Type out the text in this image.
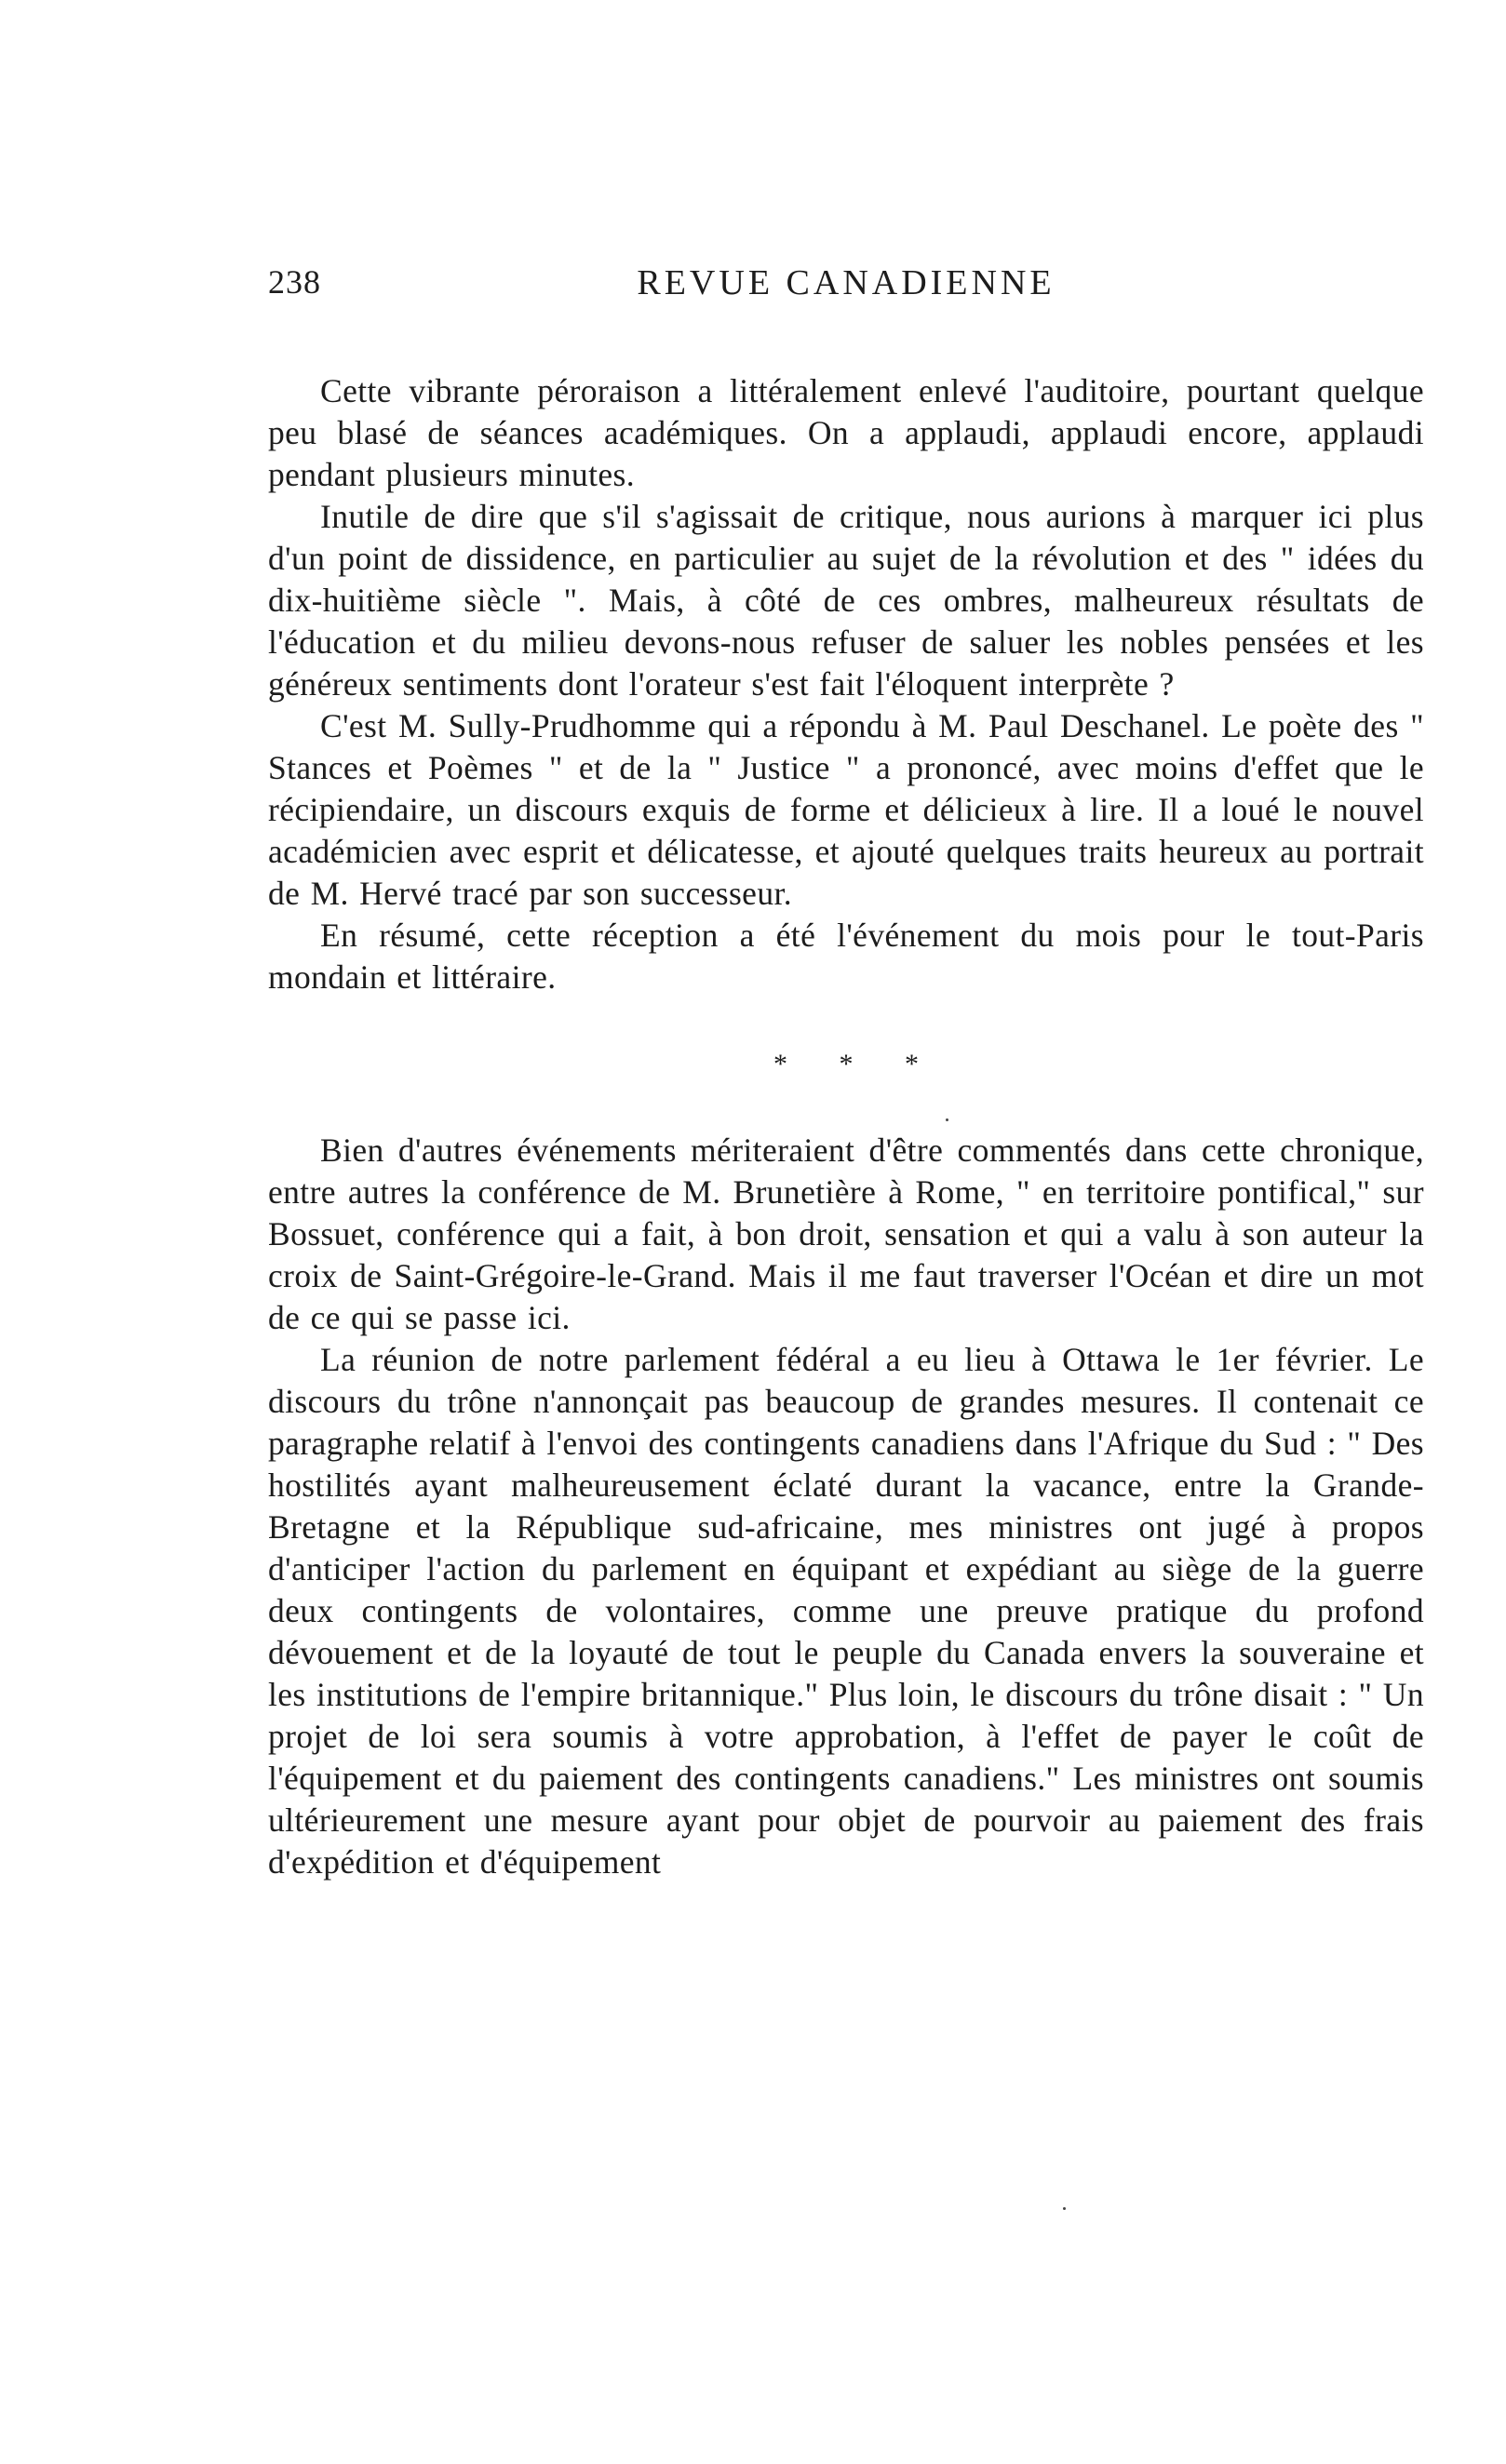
238	REVUE CANADIENNE

Cette vibrante péroraison a littéralement enlevé l'auditoire, pourtant quelque peu blasé de séances académiques. On a applaudi, applaudi encore, applaudi pendant plusieurs minutes.

Inutile de dire que s'il s'agissait de critique, nous aurions à marquer ici plus d'un point de dissidence, en particulier au sujet de la révolution et des " idées du dix-huitième siècle ". Mais, à côté de ces ombres, malheureux résultats de l'éducation et du milieu devons-nous refuser de saluer les nobles pensées et les généreux sentiments dont l'orateur s'est fait l'éloquent interprète ?

C'est M. Sully-Prudhomme qui a répondu à M. Paul Deschanel. Le poète des " Stances et Poèmes " et de la " Justice " a prononcé, avec moins d'effet que le récipiendaire, un discours exquis de forme et délicieux à lire. Il a loué le nouvel académicien avec esprit et délicatesse, et ajouté quelques traits heureux au portrait de M. Hervé tracé par son successeur.

En résumé, cette réception a été l'événement du mois pour le tout-Paris mondain et littéraire.

* * *

Bien d'autres événements mériteraient d'être commentés dans cette chronique, entre autres la conférence de M. Brunetière à Rome, " en territoire pontifical," sur Bossuet, conférence qui a fait, à bon droit, sensation et qui a valu à son auteur la croix de Saint-Grégoire-le-Grand. Mais il me faut traverser l'Océan et dire un mot de ce qui se passe ici.

La réunion de notre parlement fédéral a eu lieu à Ottawa le 1er février. Le discours du trône n'annonçait pas beaucoup de grandes mesures. Il contenait ce paragraphe relatif à l'envoi des contingents canadiens dans l'Afrique du Sud : " Des hostilités ayant malheureusement éclaté durant la vacance, entre la Grande-Bretagne et la République sud-africaine, mes ministres ont jugé à propos d'anticiper l'action du parlement en équipant et expédiant au siège de la guerre deux contingents de volontaires, comme une preuve pratique du profond dévouement et de la loyauté de tout le peuple du Canada envers la souveraine et les institutions de l'empire britannique." Plus loin, le discours du trône disait : " Un projet de loi sera soumis à votre approbation, à l'effet de payer le coût de l'équipement et du paiement des contingents canadiens." Les ministres ont soumis ultérieurement une mesure ayant pour objet de pourvoir au paiement des frais d'expédition et d'équipement
